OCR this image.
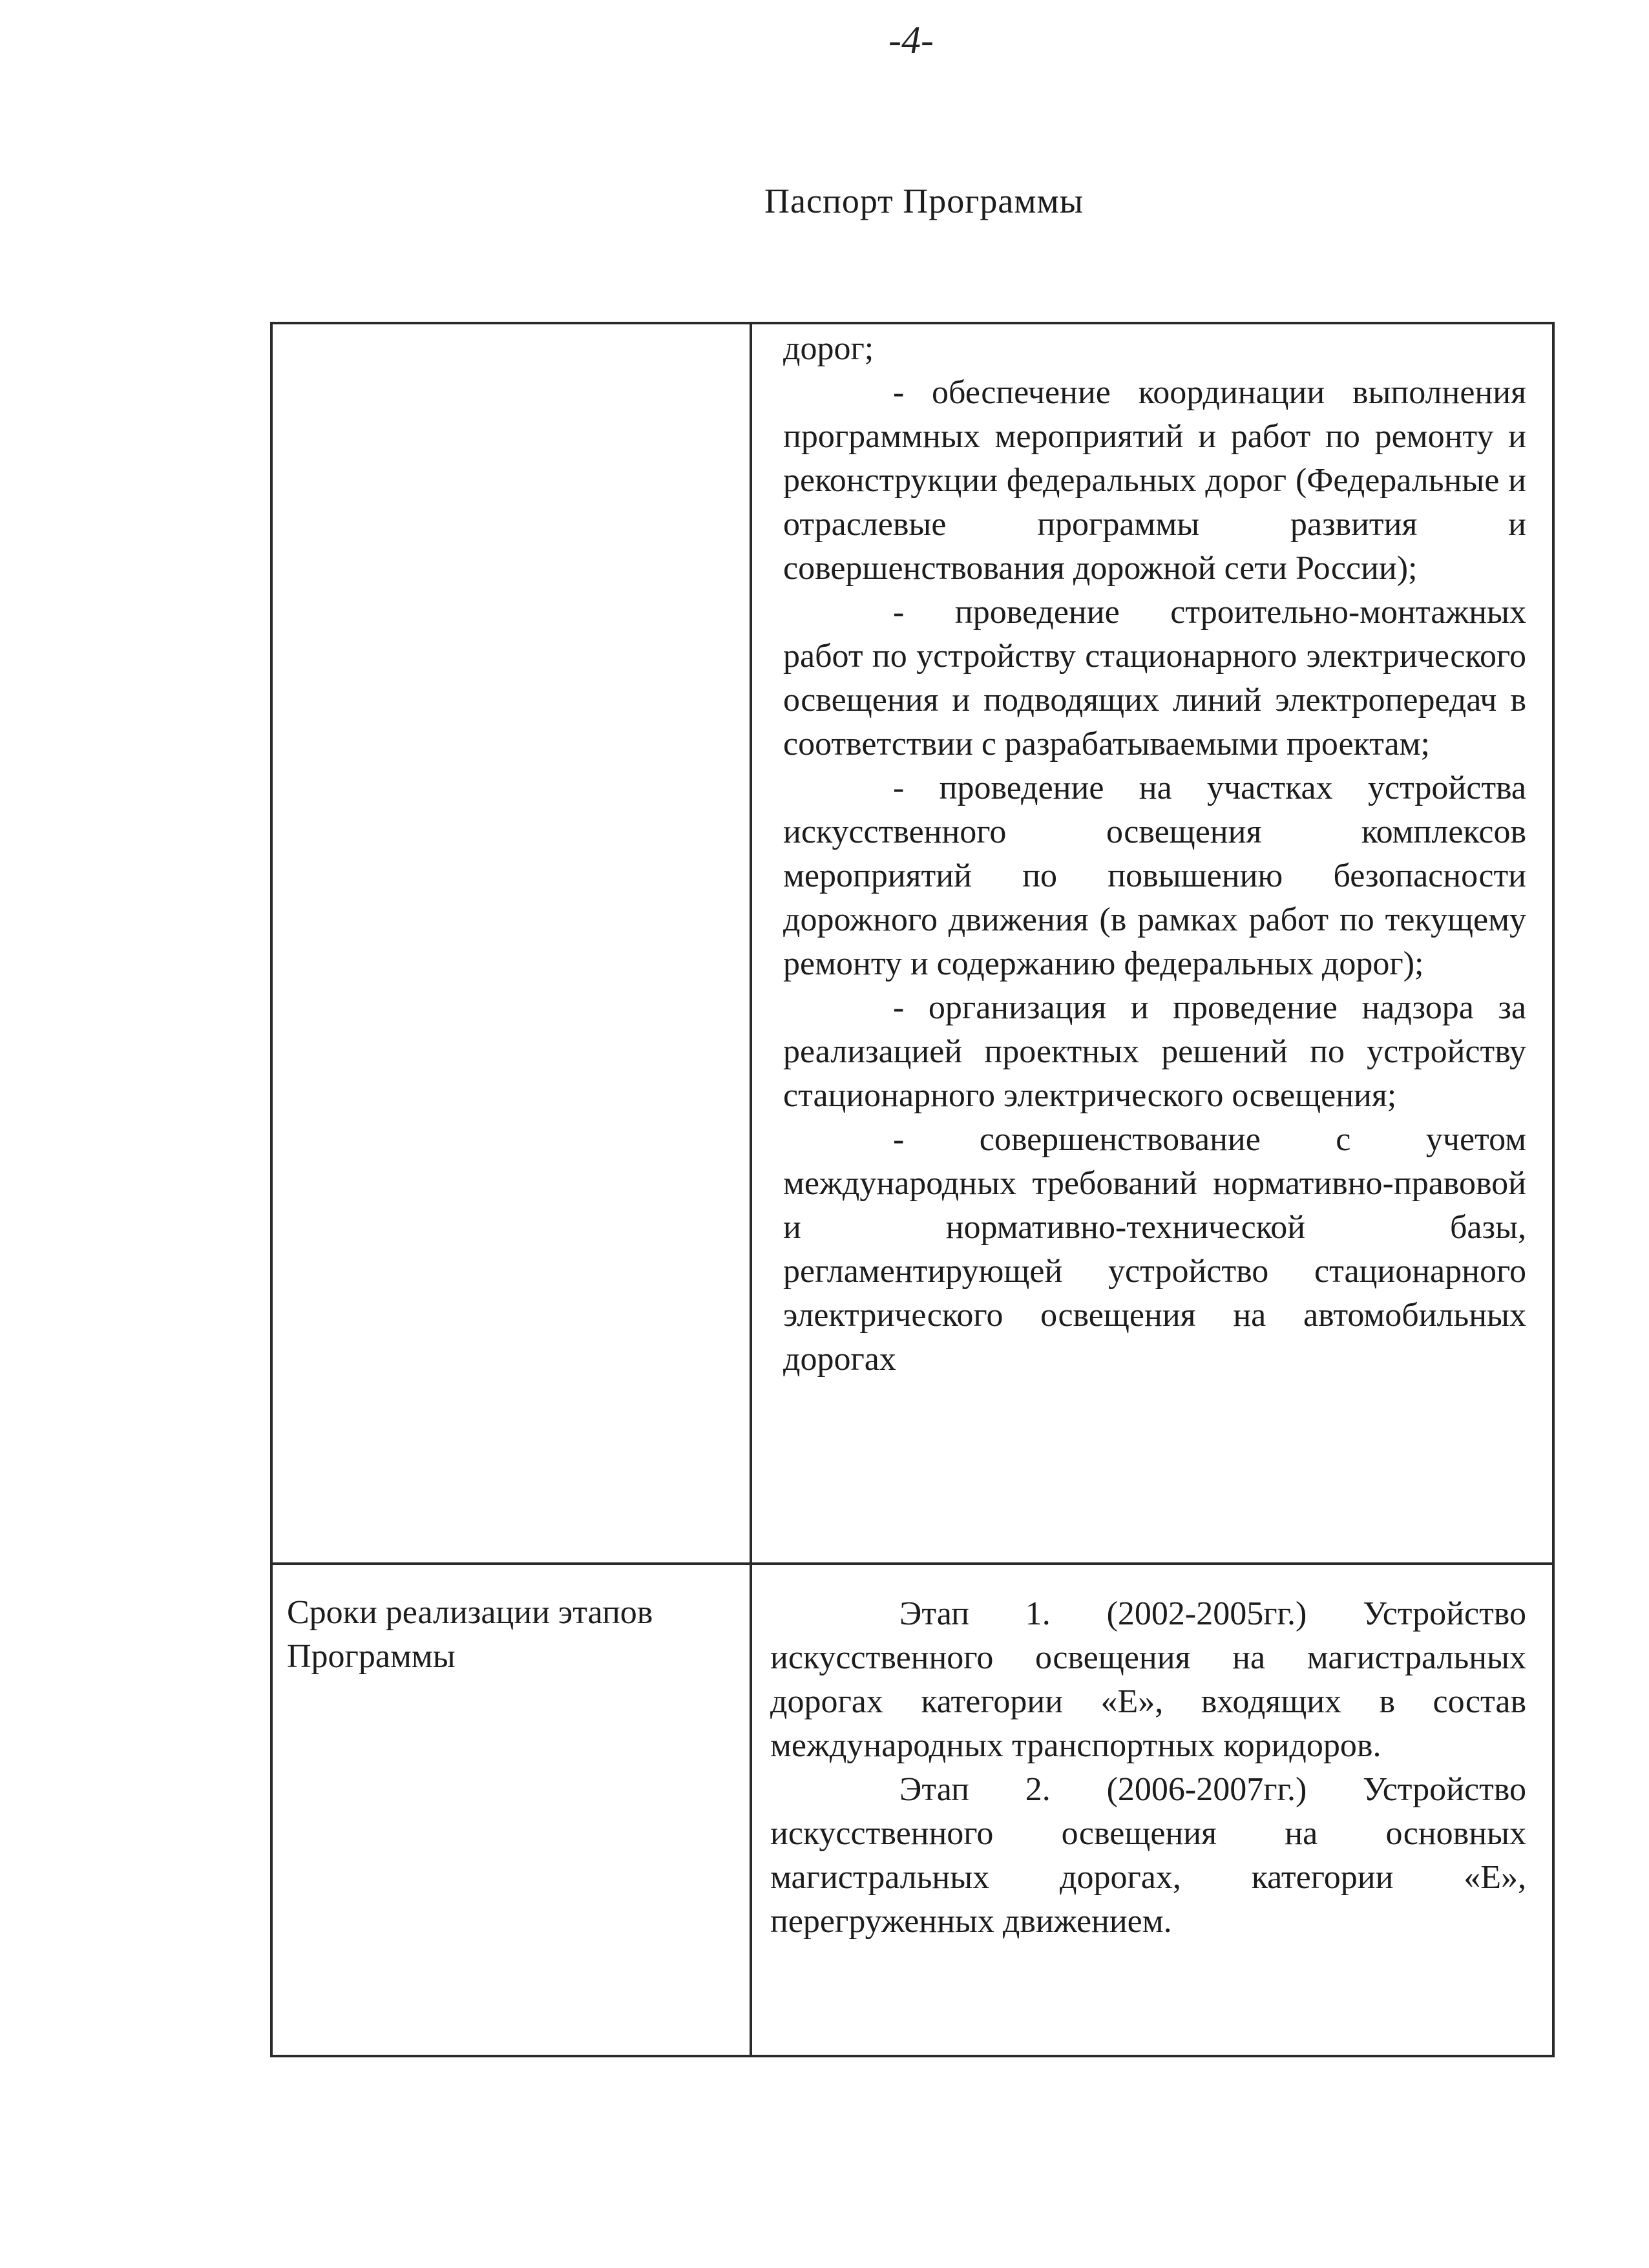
-4-
Паспорт Программы

дорог;

- обеспечение координации выполнения программных мероприятий и работ по ремонту и реконструкции федеральных дорог (Федеральные и отраслевые программы развития и совершенствования дорожной сети России);

- проведение строительно-монтажных работ по устройству стационарного электрического освещения и подводящих линий электропередач в соответствии с разрабатываемыми проектам;

- проведение на участках устройства искусственного освещения комплексов мероприятий по повышению безопасности дорожного движения (в рамках работ по текущему ремонту и содержанию федеральных дорог);

- организация и проведение надзора за реализацией проектных решений по устройству стационарного электрического освещения;

- совершенствование с учетом международных требований нормативно-правовой и нормативно-технической базы, регламентирующей устройство стационарного электрического освещения на автомобильных дорогах

Сроки реализации этапов Программы

Этап 1. (2002-2005гг.) Устройство искусственного освещения на магистральных дорогах категории «Е», входящих в состав международных транспортных коридоров.

Этап 2. (2006-2007гг.) Устройство искусственного освещения на основных магистральных дорогах, категории «Е», перегруженных движением.
